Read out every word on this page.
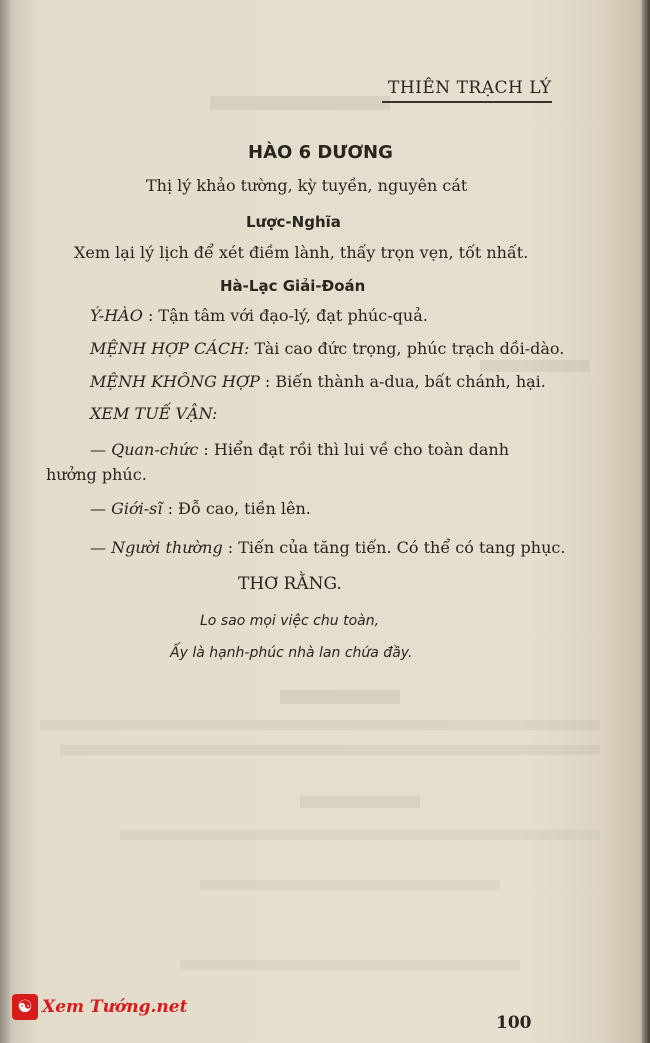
THIÊN TRẠCH LÝ
HÀO 6 DƯƠNG
Thị lý khảo tường, kỳ tuyền, nguyên cát
Lược-Nghĩa
Xem lại lý lịch để xét điềm lành, thấy trọn vẹn, tốt nhất.
Hà-Lạc Giải-Đoán
Ý-HÀO : Tận tâm với đạo-lý, đạt phúc-quả.
MỆNH HỢP CÁCH: Tài cao đức trọng, phúc trạch dồi-dào.
MỆNH KHÔNG HỢP : Biến thành a-dua, bất chánh, hại.
XEM TUẾ VẬN:
— Quan-chức : Hiển đạt rồi thì lui về cho toàn danh
hưởng phúc.
— Giới-sĩ : Đỗ cao, tiền lên.
— Người thường : Tiến của tăng tiến. Có thể có tang phục.
THƠ RẰNG.
Lo sao mọi việc chu toàn,
Ấy là hạnh-phúc nhà lan chứa đầy.
100
☯ Xem Tướng.net
